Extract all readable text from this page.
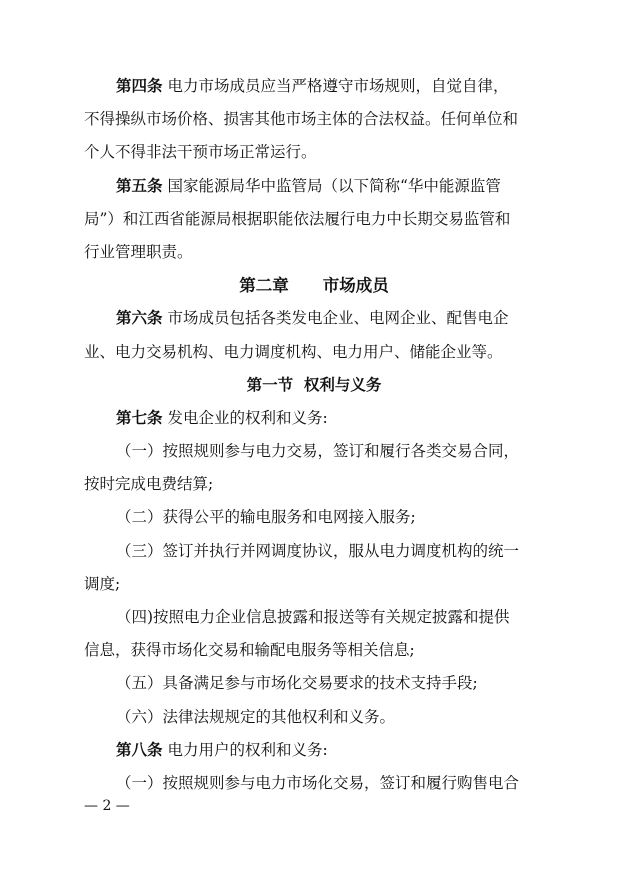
第四条 电力市场成员应当严格遵守市场规则，自觉自律，
不得操纵市场价格、损害其他市场主体的合法权益。任何单位和
个人不得非法干预市场正常运行。
第五条 国家能源局华中监管局（以下简称“华中能源监管
局”）和江西省能源局根据职能依法履行电力中长期交易监管和
行业管理职责。
第二章 市场成员
第六条 市场成员包括各类发电企业、电网企业、配售电企
业、电力交易机构、电力调度机构、电力用户、储能企业等。
第一节  权利与义务
第七条 发电企业的权利和义务:
（一）按照规则参与电力交易，签订和履行各类交易合同，
按时完成电费结算;
（二）获得公平的输电服务和电网接入服务;
（三）签订并执行并网调度协议，服从电力调度机构的统一
调度;
（四)按照电力企业信息披露和报送等有关规定披露和提供
信息，获得市场化交易和输配电服务等相关信息;
（五）具备满足参与市场化交易要求的技术支持手段;
（六）法律法规规定的其他权利和义务。
第八条 电力用户的权利和义务:
（一）按照规则参与电力市场化交易，签订和履行购售电合
— 2 —
